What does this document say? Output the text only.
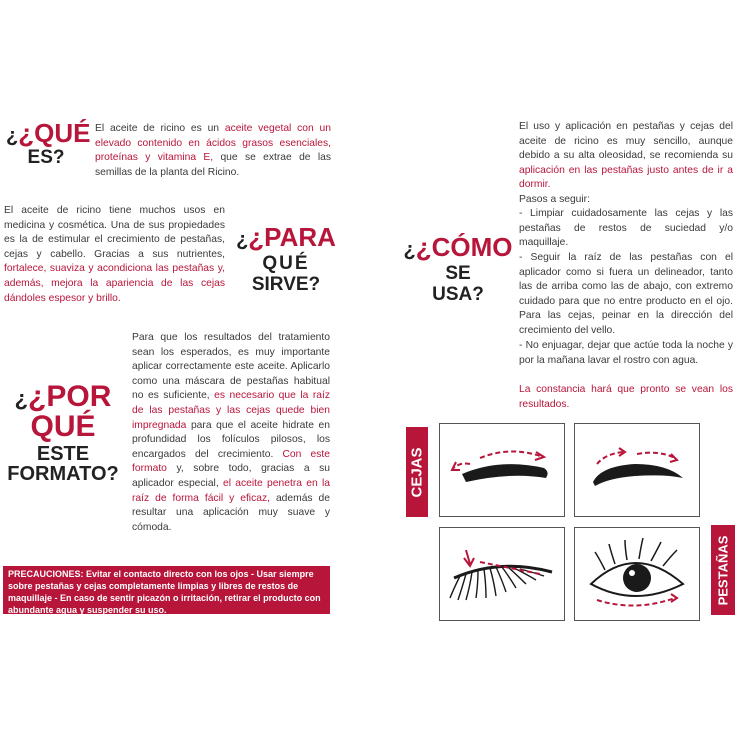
¿¿QUÉ
ES?
El aceite de ricino es un aceite vegetal con un elevado contenido en ácidos grasos esenciales, proteínas y vitamina E, que se extrae de las semillas de la planta del Ricino.
El aceite de ricino tiene muchos usos en medicina y cosmética. Una de sus propiedades es la de estimular el crecimiento de pestañas, cejas y cabello. Gracias a sus nutrientes, fortalece, suaviza y acondiciona las pestañas y, además, mejora la apariencia de las cejas dándoles espesor y brillo.
¿¿PARA
QUÉ
SIRVE?
¿¿POR
QUÉ
ESTE
FORMATO?
Para que los resultados del tratamiento sean los esperados, es muy importante aplicar correctamente este aceite. Aplicarlo como una máscara de pestañas habitual no es suficiente, es necesario que la raíz de las pestañas y las cejas quede bien impregnada para que el aceite hidrate en profundidad los folículos pilosos, los encargados del crecimiento. Con este formato y, sobre todo, gracias a su aplicador especial, el aceite penetra en la raíz de forma fácil y eficaz, además de resultar una aplicación muy suave y cómoda.
PRECAUCIONES: Evitar el contacto directo con los ojos - Usar siempre sobre pestañas y cejas completamente limpias y libres de restos de maquillaje - En caso de sentir picazón o irritación, retirar el producto con abundante agua y suspender su uso.
El uso y aplicación en pestañas y cejas del aceite de ricino es muy sencillo, aunque debido a su alta oleosidad, se recomienda su aplicación en las pestañas justo antes de ir a dormir.
Pasos a seguir:
- Limpiar cuidadosamente las cejas y las pestañas de restos de suciedad y/o maquillaje.
- Seguir la raíz de las pestañas con el aplicador como si fuera un delineador, tanto las de arriba como las de abajo, con extremo cuidado para que no entre producto en el ojo. Para las cejas, peinar en la dirección del crecimiento del vello.
- No enjuagar, dejar que actúe toda la noche y por la mañana lavar el rostro con agua.
La constancia hará que pronto se vean los resultados.
¿¿CÓMO
SE
USA?
CEJAS
PESTAÑAS
